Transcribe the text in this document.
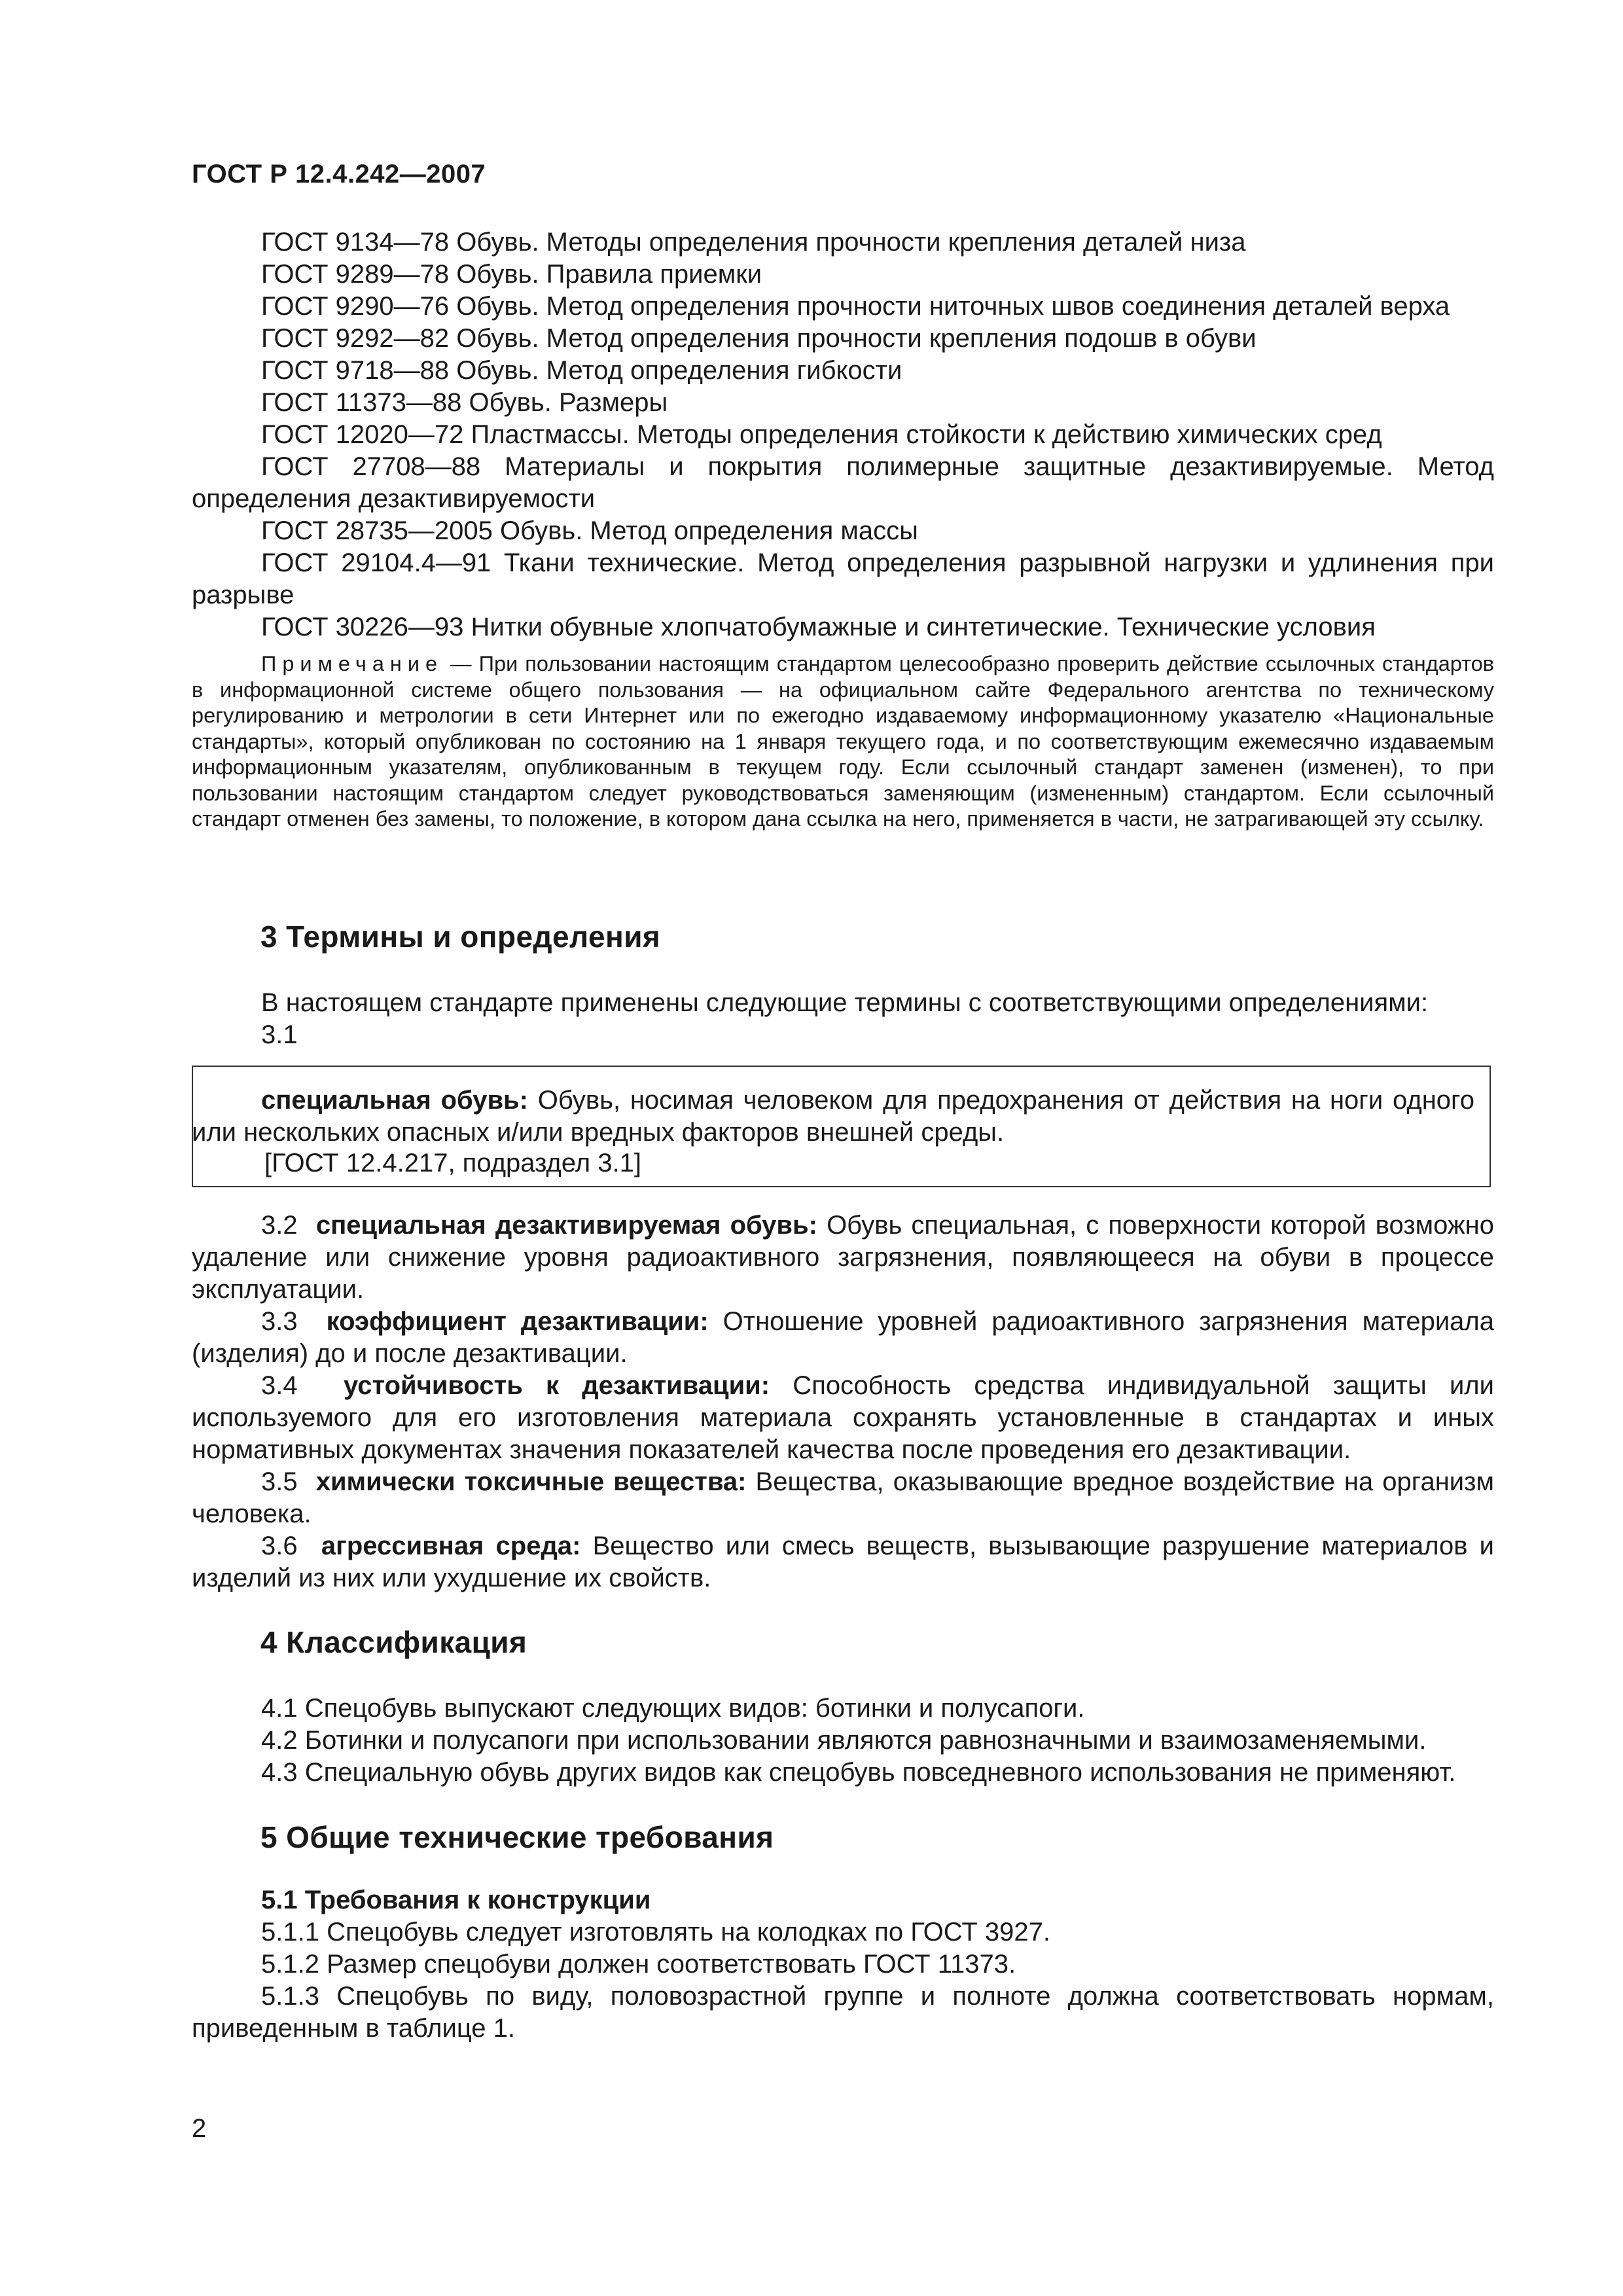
ГОСТ Р 12.4.242—2007
ГОСТ 9134—78 Обувь. Методы определения прочности крепления деталей низа
ГОСТ 9289—78 Обувь. Правила приемки
ГОСТ 9290—76 Обувь. Метод определения прочности ниточных швов соединения деталей верха
ГОСТ 9292—82 Обувь. Метод определения прочности крепления подошв в обуви
ГОСТ 9718—88 Обувь. Метод определения гибкости
ГОСТ 11373—88 Обувь. Размеры
ГОСТ 12020—72 Пластмассы. Методы определения стойкости к действию химических сред
ГОСТ 27708—88 Материалы и покрытия полимерные защитные дезактивируемые. Метод определения дезактивируемости
ГОСТ 28735—2005 Обувь. Метод определения массы
ГОСТ 29104.4—91 Ткани технические. Метод определения разрывной нагрузки и удлинения при разрыве
ГОСТ 30226—93 Нитки обувные хлопчатобумажные и синтетические. Технические условия
Примечание — При пользовании настоящим стандартом целесообразно проверить действие ссылочных стандартов в информационной системе общего пользования — на официальном сайте Федерального агентства по техническому регулированию и метрологии в сети Интернет или по ежегодно издаваемому информационному указателю «Национальные стандарты», который опубликован по состоянию на 1 января текущего года, и по соответствующим ежемесячно издаваемым информационным указателям, опубликованным в текущем году. Если ссылочный стандарт заменен (изменен), то при пользовании настоящим стандартом следует руководствоваться заменяющим (измененным) стандартом. Если ссылочный стандарт отменен без замены, то положение, в котором дана ссылка на него, применяется в части, не затрагивающей эту ссылку.
3 Термины и определения
В настоящем стандарте применены следующие термины с соответствующими определениями:
3.1
специальная обувь: Обувь, носимая человеком для предохранения от действия на ноги одного или нескольких опасных и/или вредных факторов внешней среды.
[ГОСТ 12.4.217, подраздел 3.1]
3.2 специальная дезактивируемая обувь: Обувь специальная, с поверхности которой возможно удаление или снижение уровня радиоактивного загрязнения, появляющееся на обуви в процессе эксплуатации.
3.3 коэффициент дезактивации: Отношение уровней радиоактивного загрязнения материала (изделия) до и после дезактивации.
3.4 устойчивость к дезактивации: Способность средства индивидуальной защиты или используемого для его изготовления материала сохранять установленные в стандартах и иных нормативных документах значения показателей качества после проведения его дезактивации.
3.5 химически токсичные вещества: Вещества, оказывающие вредное воздействие на организм человека.
3.6 агрессивная среда: Вещество или смесь веществ, вызывающие разрушение материалов и изделий из них или ухудшение их свойств.
4 Классификация
4.1 Спецобувь выпускают следующих видов: ботинки и полусапоги.
4.2 Ботинки и полусапоги при использовании являются равнозначными и взаимозаменяемыми.
4.3 Специальную обувь других видов как спецобувь повседневного использования не применяют.
5 Общие технические требования
5.1 Требования к конструкции
5.1.1 Спецобувь следует изготовлять на колодках по ГОСТ 3927.
5.1.2 Размер спецобуви должен соответствовать ГОСТ 11373.
5.1.3 Спецобувь по виду, половозрастной группе и полноте должна соответствовать нормам, приведенным в таблице 1.
2
